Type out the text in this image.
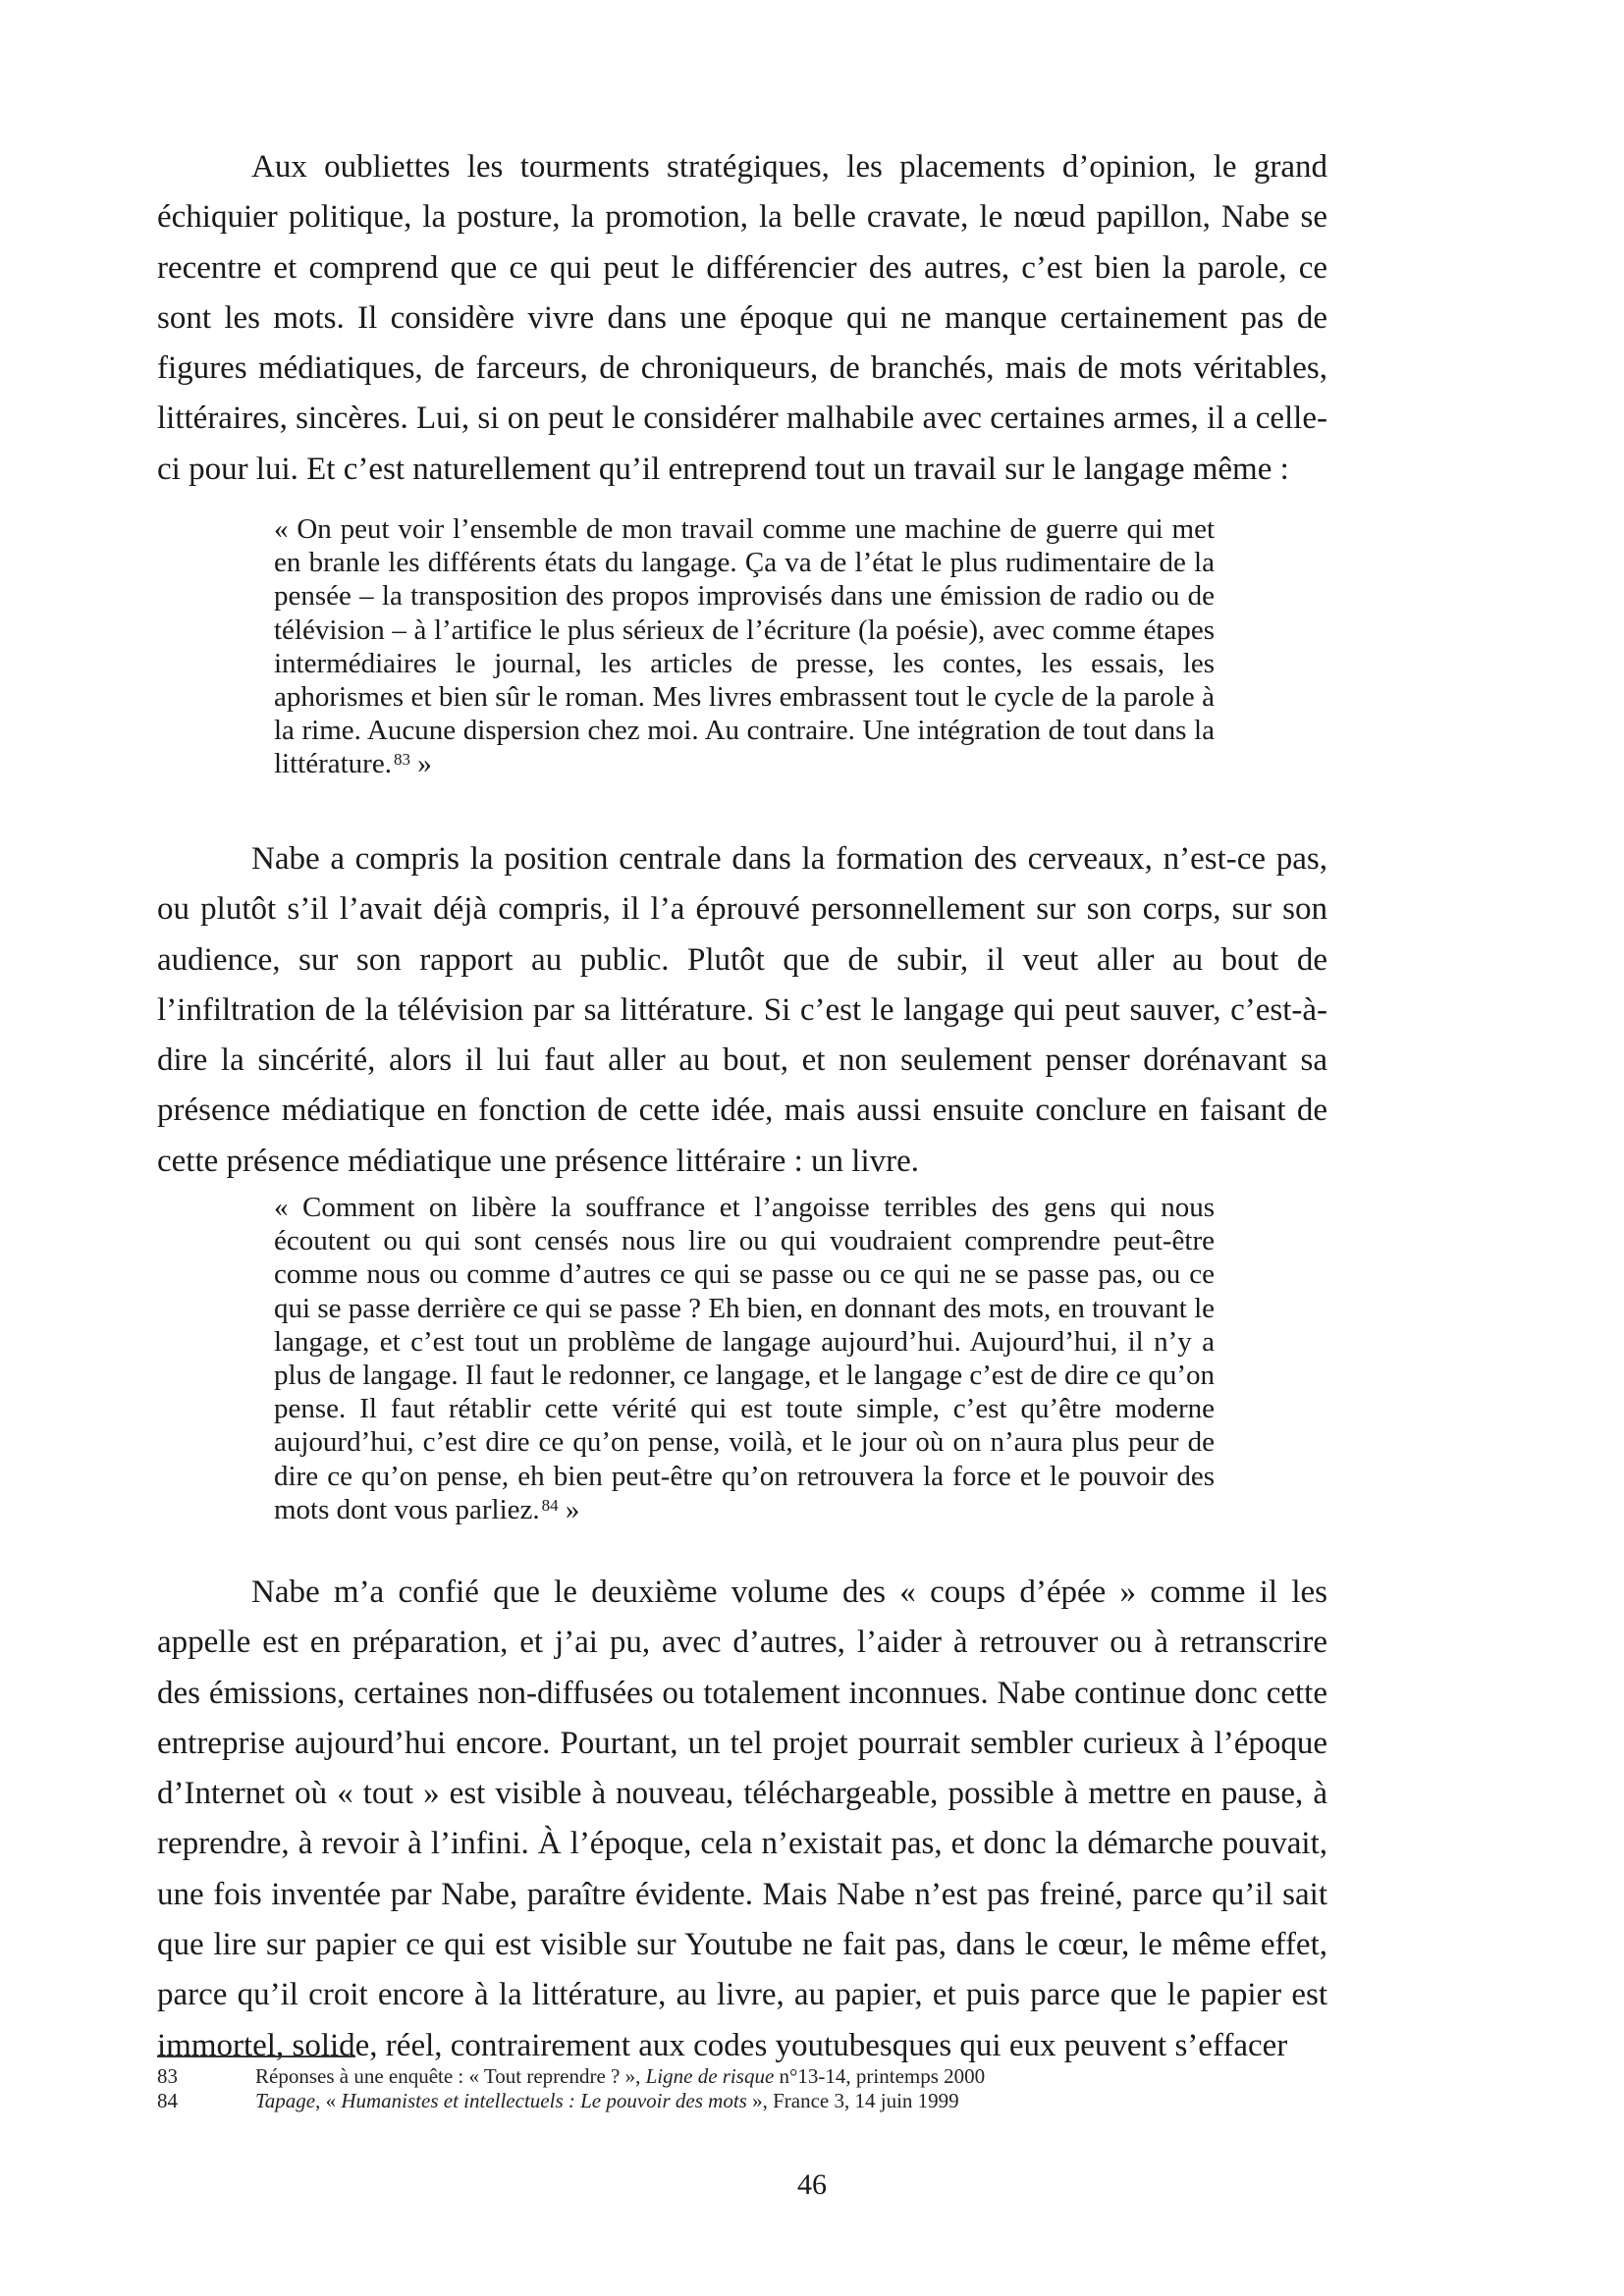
Aux oubliettes les tourments stratégiques, les placements d’opinion, le grand échiquier politique, la posture, la promotion, la belle cravate, le nœud papillon, Nabe se recentre et comprend que ce qui peut le différencier des autres, c’est bien la parole, ce sont les mots. Il considère vivre dans une époque qui ne manque certainement pas de figures médiatiques, de farceurs, de chroniqueurs, de branchés, mais de mots véritables, littéraires, sincères. Lui, si on peut le considérer malhabile avec certaines armes, il a celle-ci pour lui. Et c’est naturellement qu’il entreprend tout un travail sur le langage même :

« On peut voir l’ensemble de mon travail comme une machine de guerre qui met en branle les différents états du langage. Ça va de l’état le plus rudimentaire de la pensée – la transposition des propos improvisés dans une émission de radio ou de télévision – à l’artifice le plus sérieux de l’écriture (la poésie), avec comme étapes intermédiaires le journal, les articles de presse, les contes, les essais, les aphorismes et bien sûr le roman. Mes livres embrassent tout le cycle de la parole à la rime. Aucune dispersion chez moi. Au contraire. Une intégration de tout dans la littérature. $^{83}$ »

Nabe a compris la position centrale dans la formation des cerveaux, n’est-ce pas, ou plutôt s’il l’avait déjà compris, il l’a éprouvé personnellement sur son corps, sur son audience, sur son rapport au public. Plutôt que de subir, il veut aller au bout de l’infiltration de la télévision par sa littérature. Si c’est le langage qui peut sauver, c’est-à-dire la sincérité, alors il lui faut aller au bout, et non seulement penser dorénavant sa présence médiatique en fonction de cette idée, mais aussi ensuite conclure en faisant de cette présence médiatique une présence littéraire : un livre.

« Comment on libère la souffrance et l’angoisse terribles des gens qui nous écoutent ou qui sont censés nous lire ou qui voudraient comprendre peut-être comme nous ou comme d’autres ce qui se passe ou ce qui ne se passe pas, ou ce qui se passe derrière ce qui se passe ? Eh bien, en donnant des mots, en trouvant le langage, et c’est tout un problème de langage aujourd’hui. Aujourd’hui, il n’y a plus de langage. Il faut le redonner, ce langage, et le langage c’est de dire ce qu’on pense. Il faut rétablir cette vérité qui est toute simple, c’est qu’être moderne aujourd’hui, c’est dire ce qu’on pense, voilà, et le jour où on n’aura plus peur de dire ce qu’on pense, eh bien peut-être qu’on retrouvera la force et le pouvoir des mots dont vous parliez. $^{84}$ »

Nabe m’a confié que le deuxième volume des « coups d’épée » comme il les appelle est en préparation, et j’ai pu, avec d’autres, l’aider à retrouver ou à retranscrire des émissions, certaines non-diffusées ou totalement inconnues. Nabe continue donc cette entreprise aujourd’hui encore. Pourtant, un tel projet pourrait sembler curieux à l’époque d’Internet où « tout » est visible à nouveau, téléchargeable, possible à mettre en pause, à reprendre, à revoir à l’infini. À l’époque, cela n’existait pas, et donc la démarche pouvait, une fois inventée par Nabe, paraître évidente. Mais Nabe n’est pas freiné, parce qu’il sait que lire sur papier ce qui est visible sur Youtube ne fait pas, dans le cœur, le même effet, parce qu’il croit encore à la littérature, au livre, au papier, et puis parce que le papier est immortel, solide, réel, contrairement aux codes youtubesques qui eux peuvent s’effacer

83	Réponses à une enquête : « Tout reprendre ? », Ligne de risque n°13-14, printemps 2000
84	Tapage, « Humanistes et intellectuels : Le pouvoir des mots », France 3, 14 juin 1999
46
